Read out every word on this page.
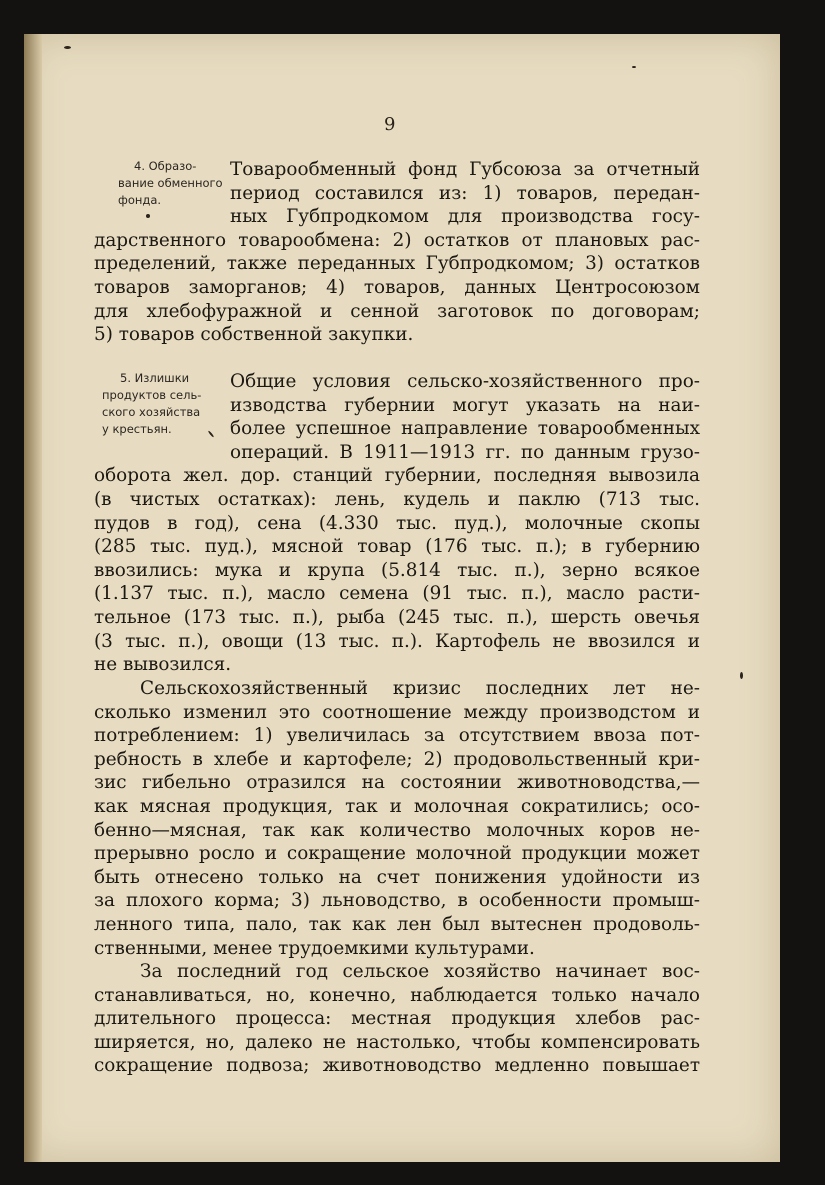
9
4. Образо-
вание обменного
фонда.
Товарообменный фонд Губсоюза за отчетный
период составился из: 1) товаров, передан-
ных Губпродкомом для производства госу-
дарственного товарообмена: 2) остатков от плановых рас-
пределений, также переданных Губпродкомом; 3) остатков
товаров заморганов; 4) товаров, данных Центросоюзом
для хлебофуражной и сенной заготовок по договорам;
5) товаров собственной закупки.
5. Излишки
продуктов сель-
ского хозяйства
у крестьян.
Общие условия сельско-хозяйственного про-
изводства губернии могут указать на наи-
более успешное направление товарообменных
операций. В 1911—1913 гг. по данным грузо-
оборота жел. дор. станций губернии, последняя вывозила
(в чистых остатках): лень, кудель и паклю (713 тыс.
пудов в год), сена (4.330 тыс. пуд.), молочные скопы
(285 тыс. пуд.), мясной товар (176 тыс. п.); в губернию
ввозились: мука и крупа (5.814 тыс. п.), зерно всякое
(1.137 тыс. п.), масло семена (91 тыс. п.), масло расти-
тельное (173 тыс. п.), рыба (245 тыс. п.), шерсть овечья
(3 тыс. п.), овощи (13 тыс. п.). Картофель не ввозился и
не вывозился.
Сельскохозяйственный кризис последних лет не-
сколько изменил это соотношение между производстом и
потреблением: 1) увеличилась за отсутствием ввоза пот-
ребность в хлебе и картофеле; 2) продовольственный кри-
зис гибельно отразился на состоянии животноводства,—
как мясная продукция, так и молочная сократились; осо-
бенно—мясная, так как количество молочных коров не-
прерывно росло и сокращение молочной продукции может
быть отнесено только на счет понижения удойности из
за плохого корма; 3) льноводство, в особенности промыш-
ленного типа, пало, так как лен был вытеснен продоволь-
ственными, менее трудоемкими культурами.
За последний год сельское хозяйство начинает вос-
станавливаться, но, конечно, наблюдается только начало
длительного процесса: местная продукция хлебов рас-
ширяется, но, далеко не настолько, чтобы компенсировать
сокращение подвоза; животноводство медленно повышает
